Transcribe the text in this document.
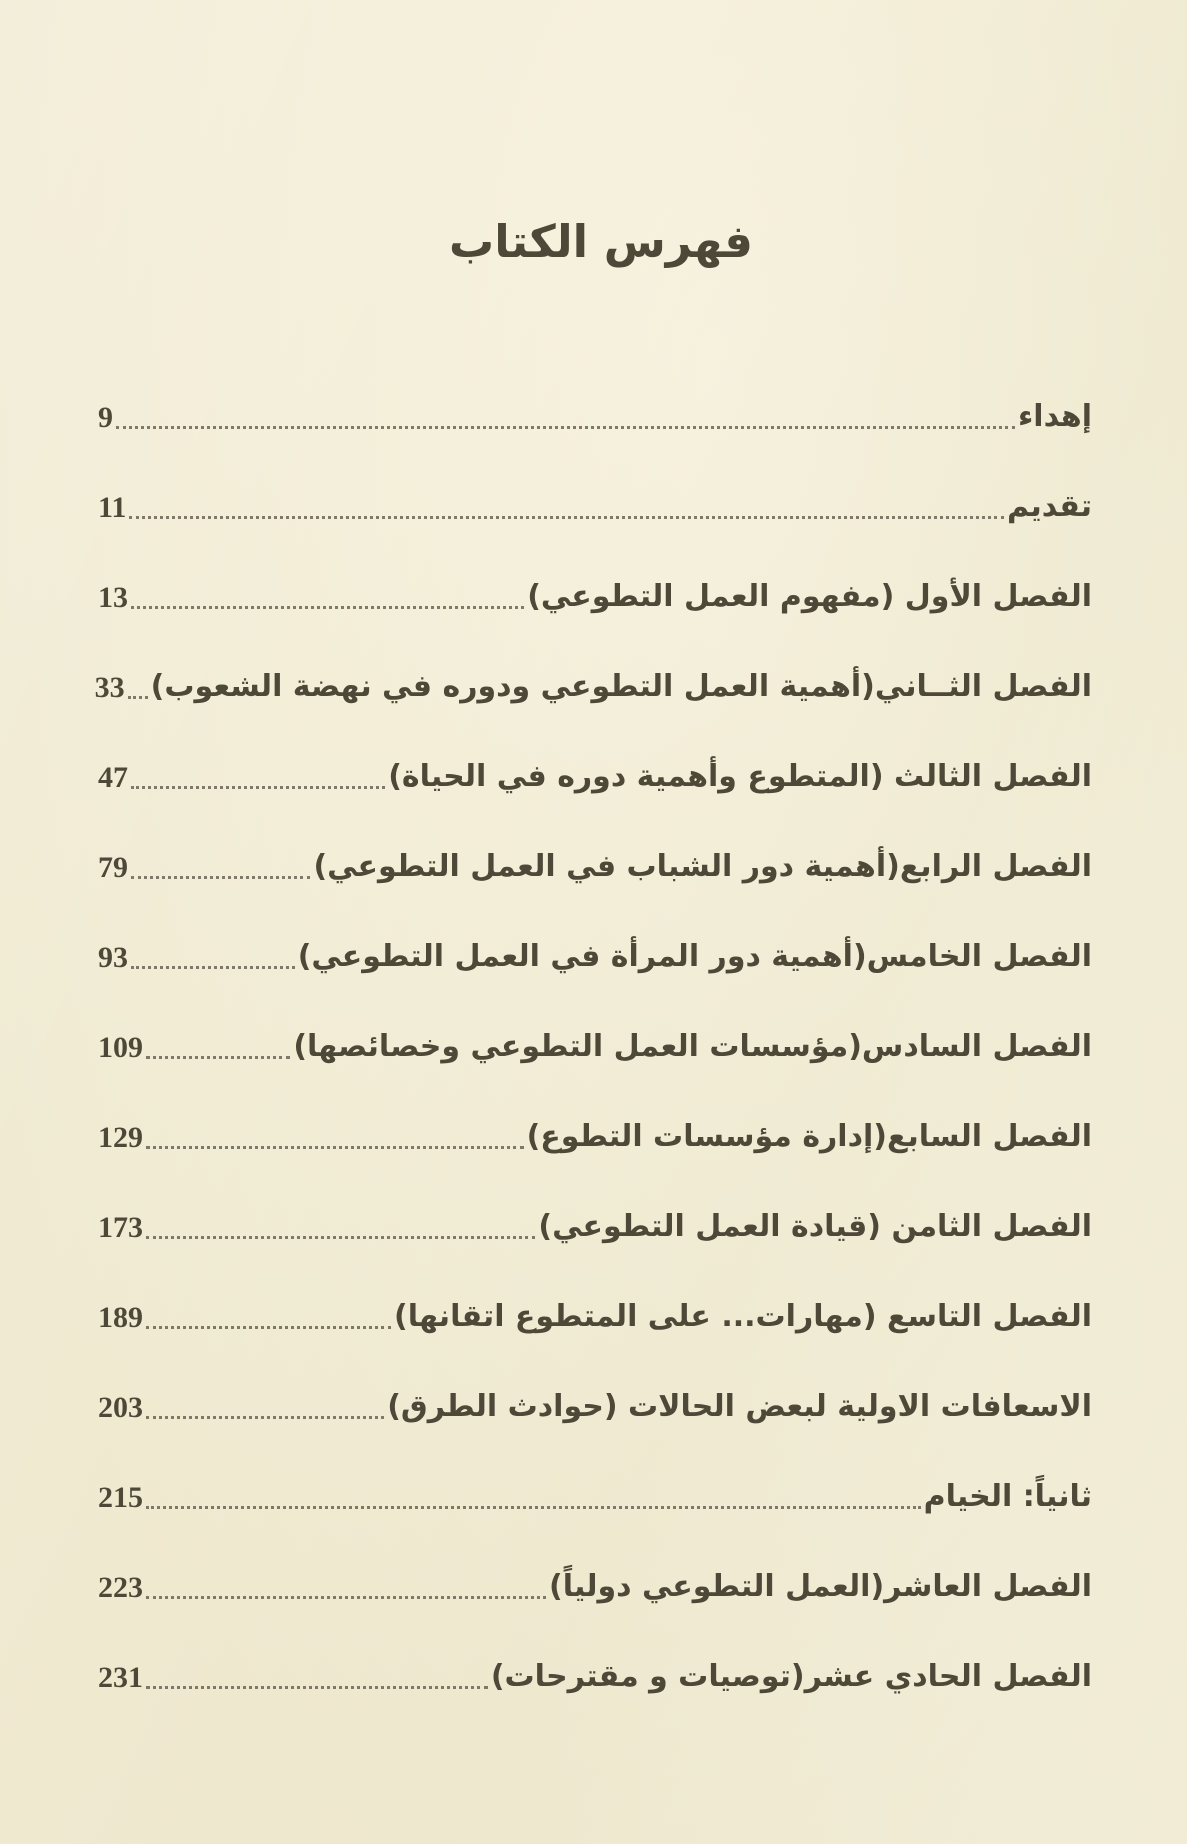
فهرس الكتاب
إهداء
9
تقديم
11
الفصل الأول (مفهوم العمل التطوعي)
13
الفصل الثــاني(أهمية العمل التطوعي ودوره في نهضة الشعوب)
33
الفصل الثالث (المتطوع وأهمية دوره في الحياة)
47
الفصل الرابع(أهمية دور الشباب في العمل التطوعي)
79
الفصل الخامس(أهمية دور المرأة في العمل التطوعي)
93
الفصل السادس(مؤسسات العمل التطوعي وخصائصها)
109
الفصل السابع(إدارة مؤسسات التطوع)
129
الفصل الثامن (قيادة العمل التطوعي)
173
الفصل التاسع (مهارات... على المتطوع اتقانها)
189
الاسعافات الاولية لبعض الحالات (حوادث الطرق)
203
ثانياً: الخيام
215
الفصل العاشر(العمل التطوعي دولياً)
223
الفصل الحادي عشر(توصيات و مقترحات)
231
